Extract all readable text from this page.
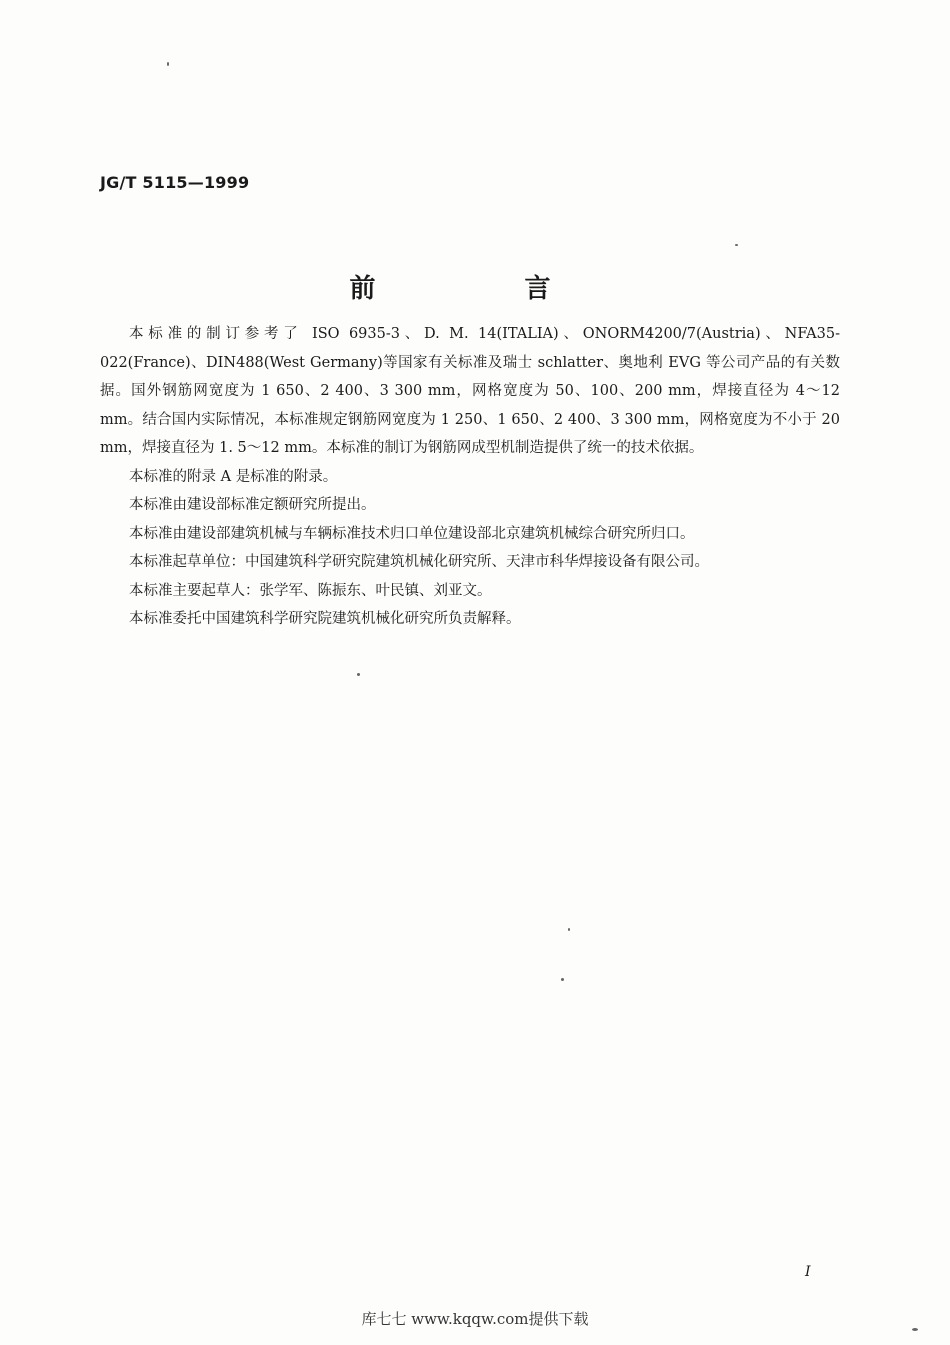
JG/T 5115—1999
前 言

本标准的制订参考了 ISO 6935-3、D. M. 14(ITALIA)、ONORM4200/7(Austria)、NFA35-022(France)、DIN488(West Germany)等国家有关标准及瑞士 schlatter、奥地利 EVG 等公司产品的有关数据。国外钢筋网宽度为 1 650、2 400、3 300 mm，网格宽度为 50、100、200 mm，焊接直径为 4～12 mm。结合国内实际情况，本标准规定钢筋网宽度为 1 250、1 650、2 400、3 300 mm，网格宽度为不小于 20 mm，焊接直径为 1. 5～12 mm。本标准的制订为钢筋网成型机制造提供了统一的技术依据。

本标准的附录 A 是标准的附录。

本标准由建设部标准定额研究所提出。

本标准由建设部建筑机械与车辆标准技术归口单位建设部北京建筑机械综合研究所归口。

本标准起草单位：中国建筑科学研究院建筑机械化研究所、天津市科华焊接设备有限公司。

本标准主要起草人：张学军、陈振东、叶民镇、刘亚文。

本标准委托中国建筑科学研究院建筑机械化研究所负责解释。

I
库七七 www.kqqw.com提供下载
